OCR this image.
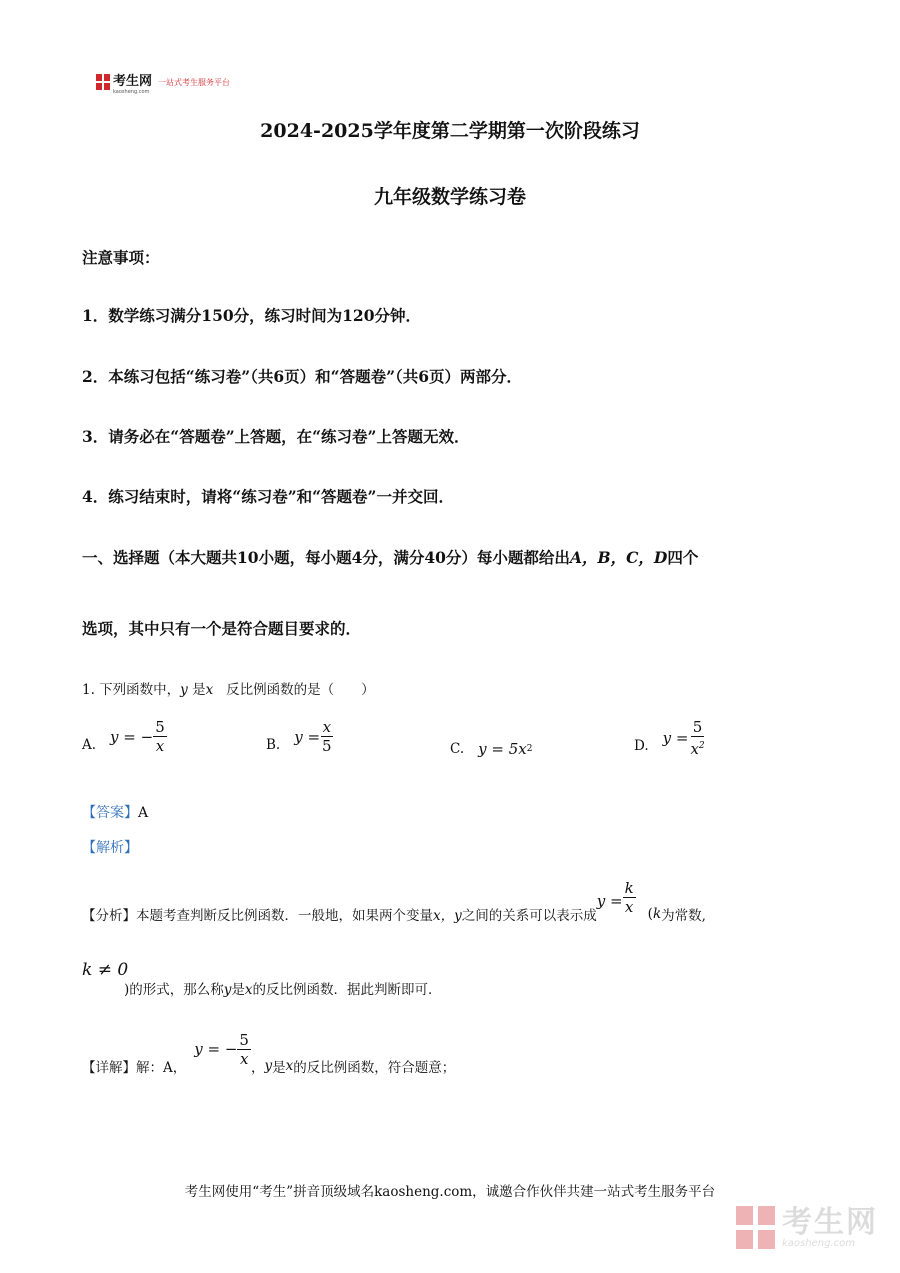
考生网
kaosheng.com
一站式考生服务平台
2024-2025学年度第二学期第一次阶段练习
九年级数学练习卷
注意事项：
1．数学练习满分150分，练习时间为120分钟．
2．本练习包括“练习卷”（共6页）和“答题卷”（共6页）两部分．
3．请务必在“答题卷”上答题，在“练习卷”上答题无效．
4．练习结束时，请将“练习卷”和“答题卷”一并交回．
一、选择题（本大题共10小题，每小题4分，满分40分）每小题都给出A，B，C，D四个
选项，其中只有一个是符合题目要求的．
1. 下列函数中，y 是x 反比例函数的是（　　）
A. y = − $\frac{5}{x}$	B. $y = \frac{x}{5}$	C. y = 5x 2	D. $y = \frac{5}{x^2}$
【答案】A
【解析】
【分析】 本题考查判断反比例函数．一般地，如果两个变量 x，y 之间的关系可以表示成
$y = \frac{k}{x}$ ( k 为常数,
k ≠ 0
)的形式，那么称y是x的反比例函数．据此判断即可．
【详解】 解：A，
y = − $\frac{5}{x}$
， y 是 x 的反比例函数，符合题意；
考生网使用“考生”拼音顶级域名kaosheng.com，诚邀合作伙伴共建一站式考生服务平台
考生网
kaosheng.com
